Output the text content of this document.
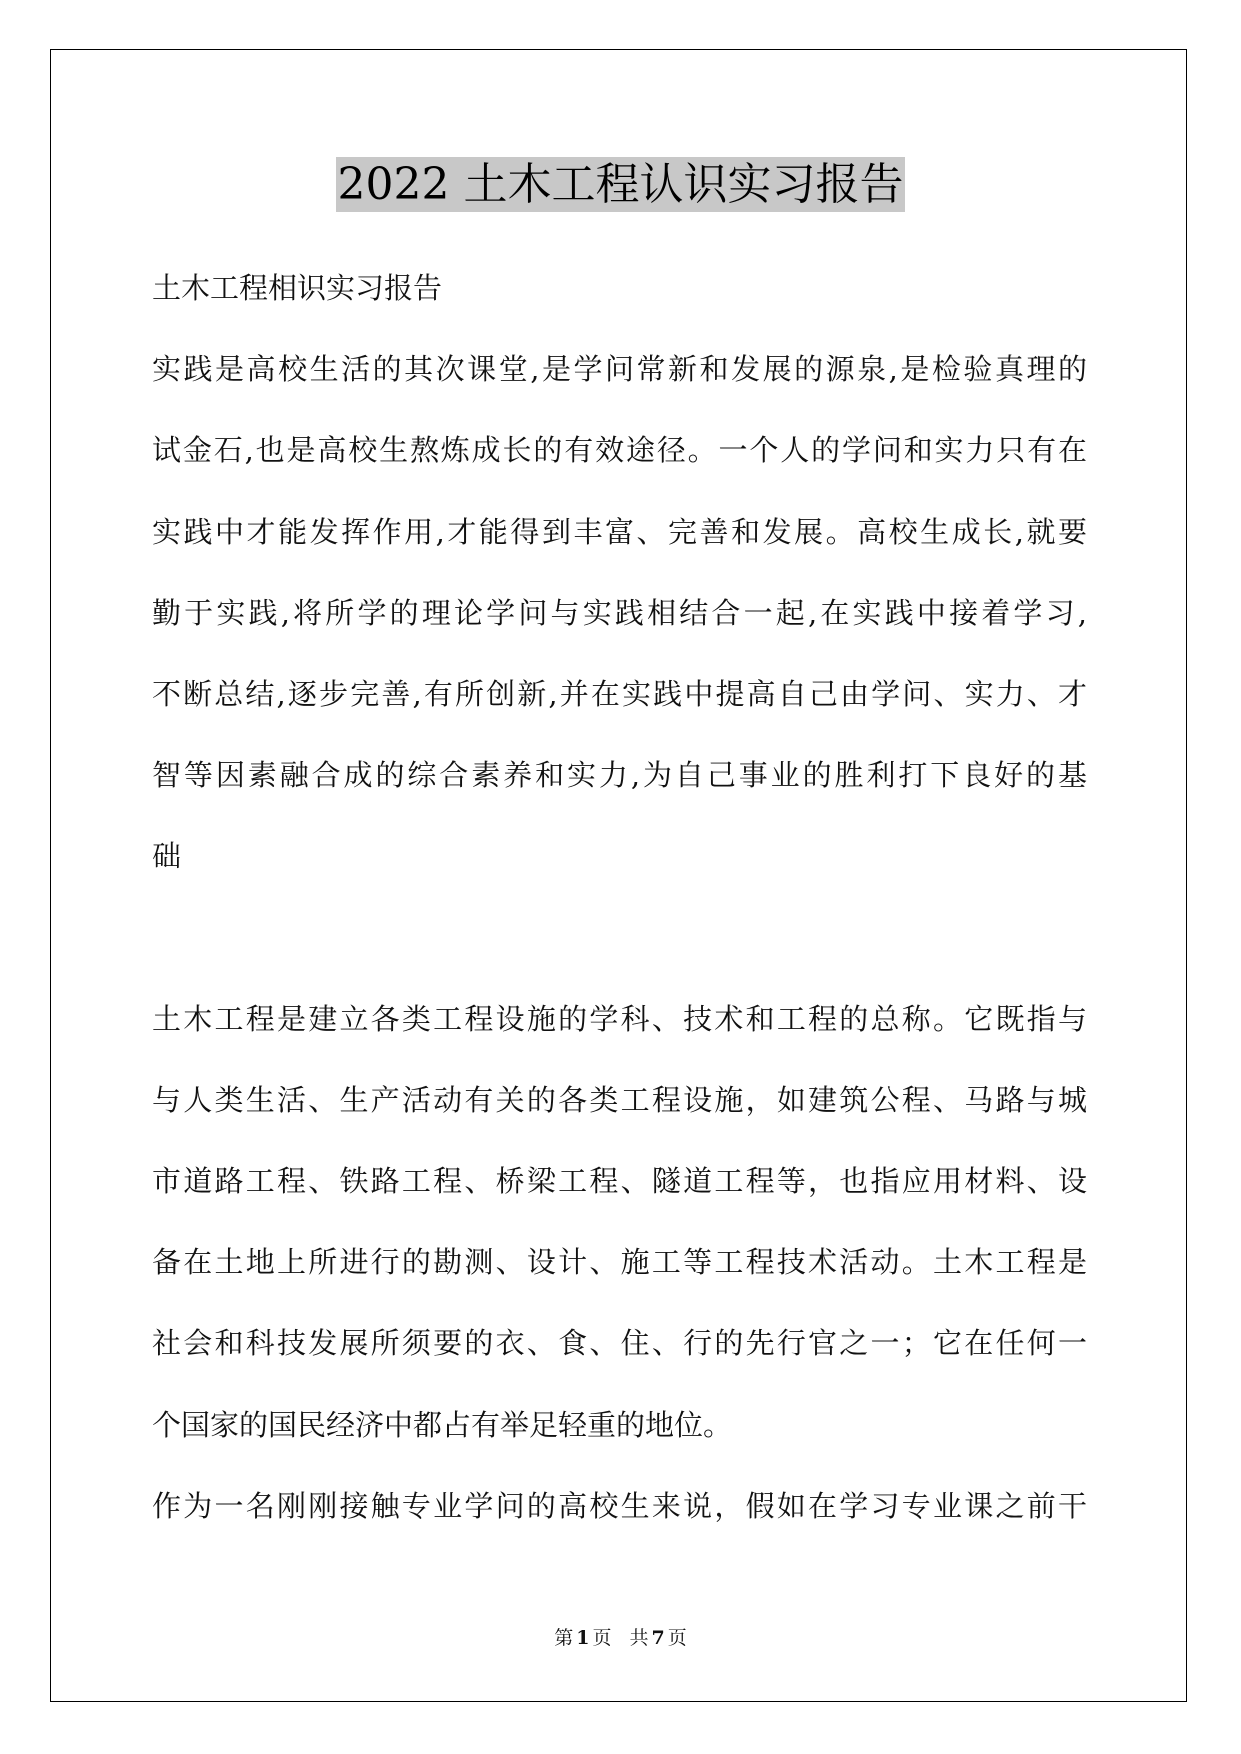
2022 土木工程认识实习报告
土木工程相识实习报告
实践是高校生活的其次课堂,是学问常新和发展的源泉,是检验真理的
试金石,也是高校生熬炼成长的有效途径。一个人的学问和实力只有在
实践中才能发挥作用,才能得到丰富、完善和发展。高校生成长,就要
勤于实践,将所学的理论学问与实践相结合一起,在实践中接着学习,
不断总结,逐步完善,有所创新,并在实践中提高自己由学问、实力、才
智等因素融合成的综合素养和实力,为自己事业的胜利打下良好的基
础
土木工程是建立各类工程设施的学科、技术和工程的总称。它既指与
与人类生活、生产活动有关的各类工程设施，如建筑公程、马路与城
市道路工程、铁路工程、桥梁工程、隧道工程等，也指应用材料、设
备在土地上所进行的勘测、设计、施工等工程技术活动。土木工程是
社会和科技发展所须要的衣、食、住、行的先行官之一；它在任何一
个国家的国民经济中都占有举足轻重的地位。
作为一名刚刚接触专业学问的高校生来说，假如在学习专业课之前干
第 1 页 共 7 页
